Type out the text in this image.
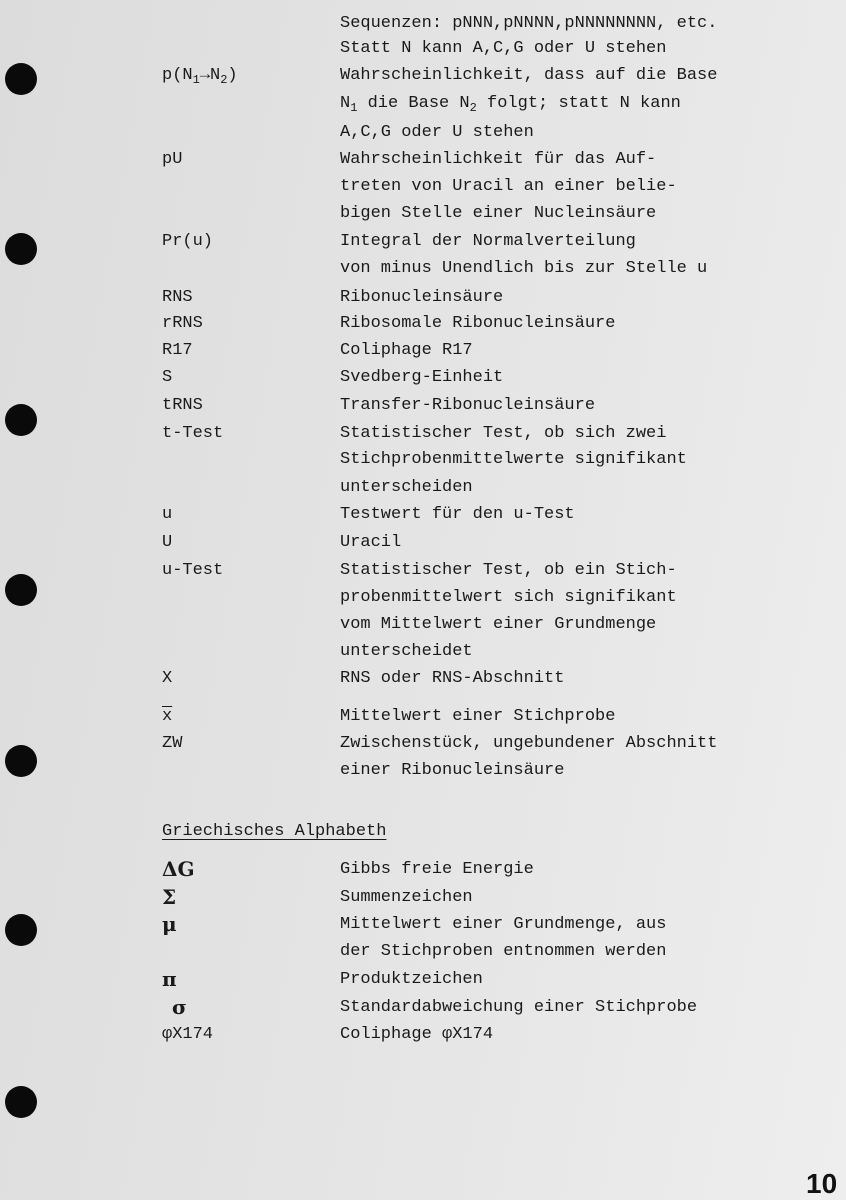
Sequenzen: pNNN,pNNNN,pNNNNNNNN, etc.
Statt N kann A,C,G oder U stehen
$p(N_1\to N_2)$	Wahrscheinlichkeit, dass auf die Base
$N_1$ die Base $N_2$ folgt; statt N kann
A,C,G oder U stehen
pU	Wahrscheinlichkeit für das Auf-
treten von Uracil an einer belie-
bigen Stelle einer Nucleinsäure
Pr(u)	Integral der Normalverteilung
von minus Unendlich bis zur Stelle u
RNS	Ribonucleinsäure
rRNS	Ribosomale Ribonucleinsäure
R17	Coliphage R17
S	Svedberg-Einheit
tRNS	Transfer-Ribonucleinsäure
t-Test	Statistischer Test, ob sich zwei
Stichprobenmittelwerte signifikant
unterscheiden
u	Testwert für den u-Test
U	Uracil
u-Test	Statistischer Test, ob ein Stich-
probenmittelwert sich signifikant
vom Mittelwert einer Grundmenge
unterscheidet
X	RNS oder RNS-Abschnitt
$\overline{x}$	Mittelwert einer Stichprobe
ZW	Zwischenstück, ungebundener Abschnitt
einer Ribonucleinsäure
Griechisches Alphabeth
ΔG	Gibbs freie Energie
Σ	Summenzeichen
μ	Mittelwert einer Grundmenge, aus
der Stichproben entnommen werden
π	Produktzeichen
σ	Standardabweichung einer Stichprobe
φX174	Coliphage φX174
10
